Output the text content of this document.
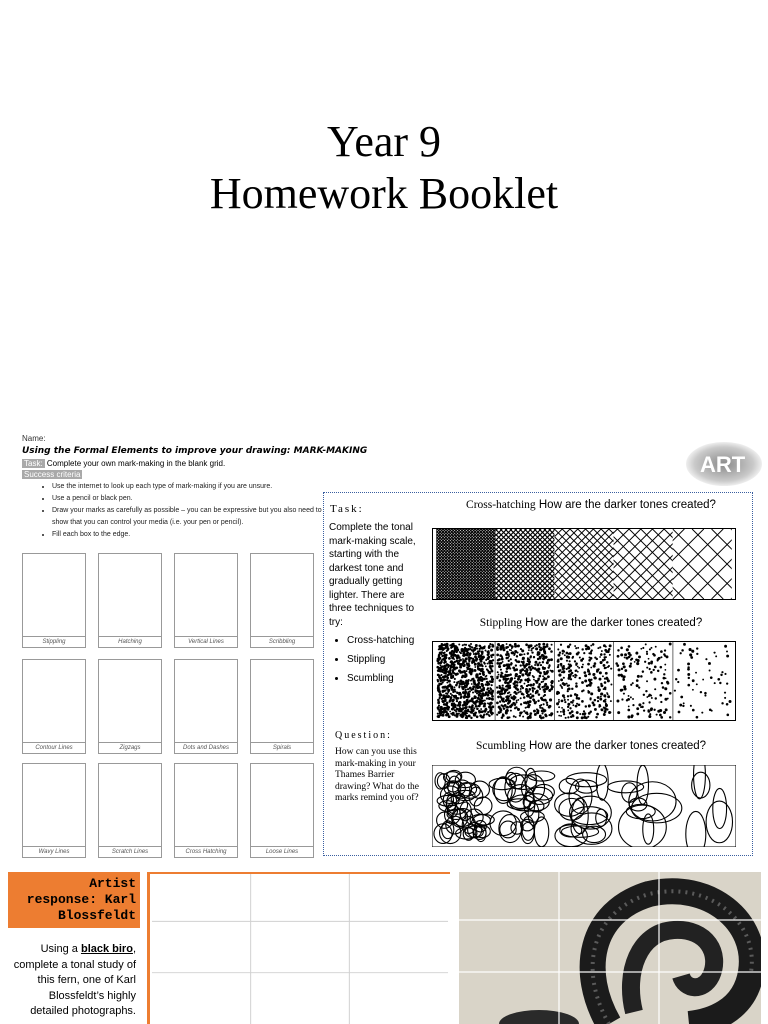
Year 9
Homework Booklet
Name:
Using the Formal Elements to improve your drawing: MARK-MAKING
Task: Complete your own mark-making in the blank grid.
Success criteria
• Use the internet to look up each type of mark-making if you are unsure.
• Use a pencil or black pen.
• Draw your marks as carefully as possible – you can be expressive but you also need to show that you can control your media (i.e. your pen or pencil).
• Fill each box to the edge.
ART
Stippling	Hatching	Vertical Lines	Scribbling
Contour Lines	Zigzags	Dots and Dashes	Spirals
Wavy Lines	Scratch Lines	Cross Hatching	Loose Lines
Task:
Complete the tonal mark-making scale, starting with the darkest tone and gradually getting lighter. There are three techniques to try:
• Cross-hatching
• Stippling
• Scumbling
Question:
How can you use this mark-making in your Thames Barrier drawing? What do the marks remind you of?
Cross-hatching How are the darker tones created?
Stippling How are the darker tones created?
Scumbling How are the darker tones created?
Artist response: Karl Blossfeldt
Using a black biro, complete a tonal study of this fern, one of Karl Blossfeldt’s highly detailed photographs.
